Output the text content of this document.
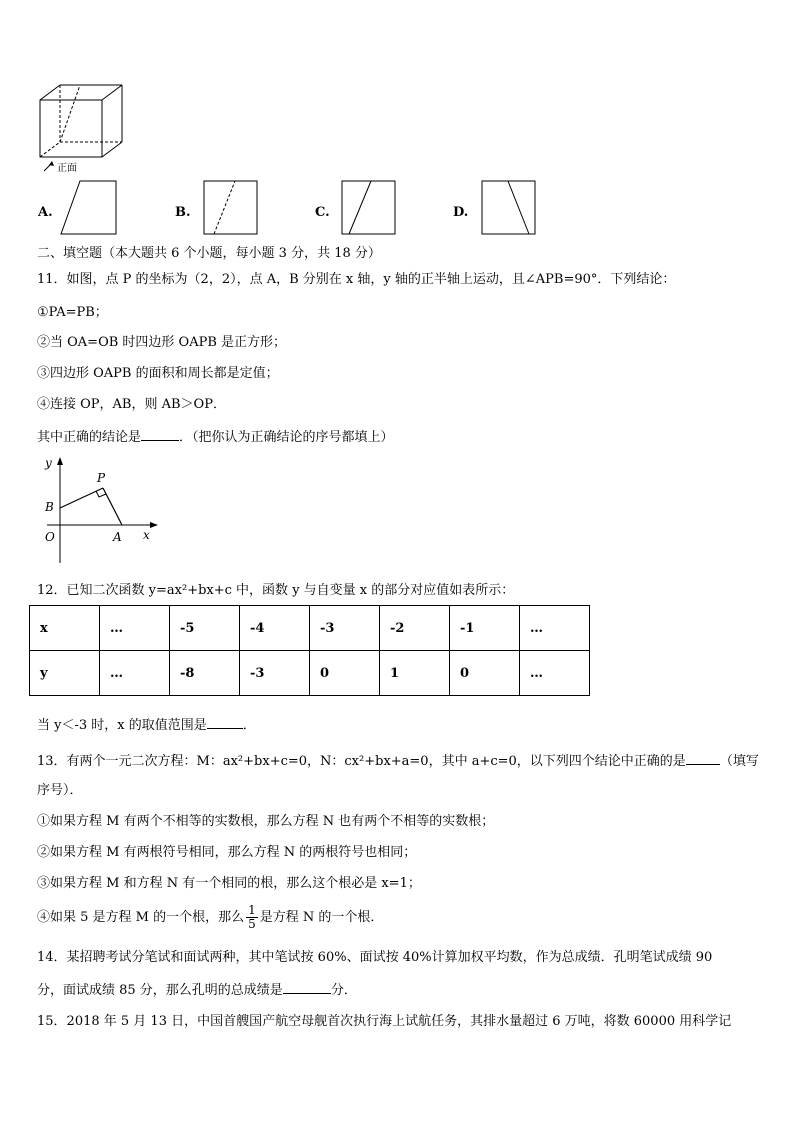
正面
A.	B.	C.	D.
二、填空题（本大题共 6 个小题，每小题 3 分，共 18 分）
11．如图，点 P 的坐标为（2，2），点 A，B 分别在 x 轴，y 轴的正半轴上运动，且∠APB=90°．下列结论：
①PA=PB；
②当 OA=OB 时四边形 OAPB 是正方形；
③四边形 OAPB 的面积和周长都是定值；
④连接 OP，AB，则 AB＞OP．
其中正确的结论是	．（把你认为正确结论的序号都填上）
y
x
P
B
O	A
12．已知二次函数 y=ax²+bx+c 中，函数 y 与自变量 x 的部分对应值如表所示：
x	…	-5	-4	-3	-2	-1	…
y	…	-8	-3	0	1	0	…
当 y＜-3 时，x 的取值范围是	．
13．有两个一元二次方程：M：ax²+bx+c=0，N：cx²+bx+a=0，其中 a+c=0，以下列四个结论中正确的是	（填写
序号）．
①如果方程 M 有两个不相等的实数根，那么方程 N 也有两个不相等的实数根；
②如果方程 M 有两根符号相同，那么方程 N 的两根符号也相同；
③如果方程 M 和方程 N 有一个相同的根，那么这个根必是 x=1；
④如果 5 是方程 M 的一个根，那么 $\frac{1}{5}$ 是方程 N 的一个根．
14．某招聘考试分笔试和面试两种，其中笔试按 60%、面试按 40%计算加权平均数，作为总成绩．孔明笔试成绩 90
分，面试成绩 85 分，那么孔明的总成绩是	分．
15．2018 年 5 月 13 日，中国首艘国产航空母舰首次执行海上试航任务，其排水量超过 6 万吨，将数 60000 用科学记
